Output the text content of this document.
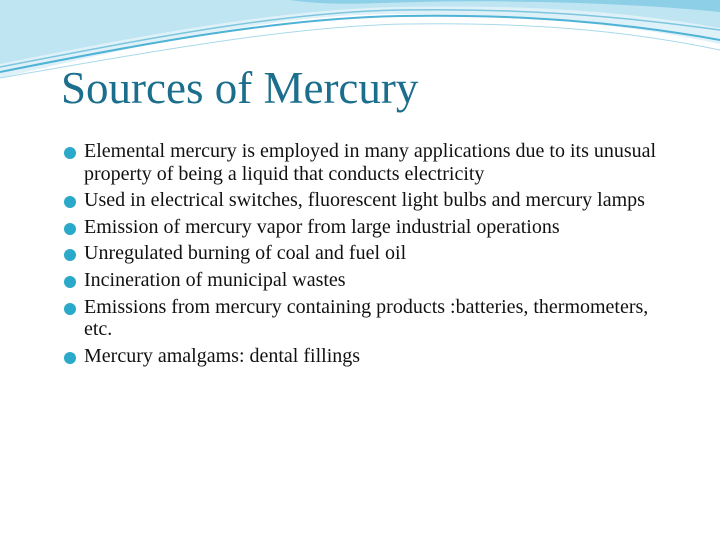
Sources of Mercury
Elemental mercury is employed in many applications due to its unusual property of being a liquid that conducts electricity
Used in electrical switches, fluorescent light bulbs and mercury lamps
Emission of mercury vapor from large industrial operations
Unregulated burning of coal and fuel oil
Incineration of municipal wastes
Emissions from mercury containing products :batteries, thermometers, etc.
Mercury amalgams: dental fillings
